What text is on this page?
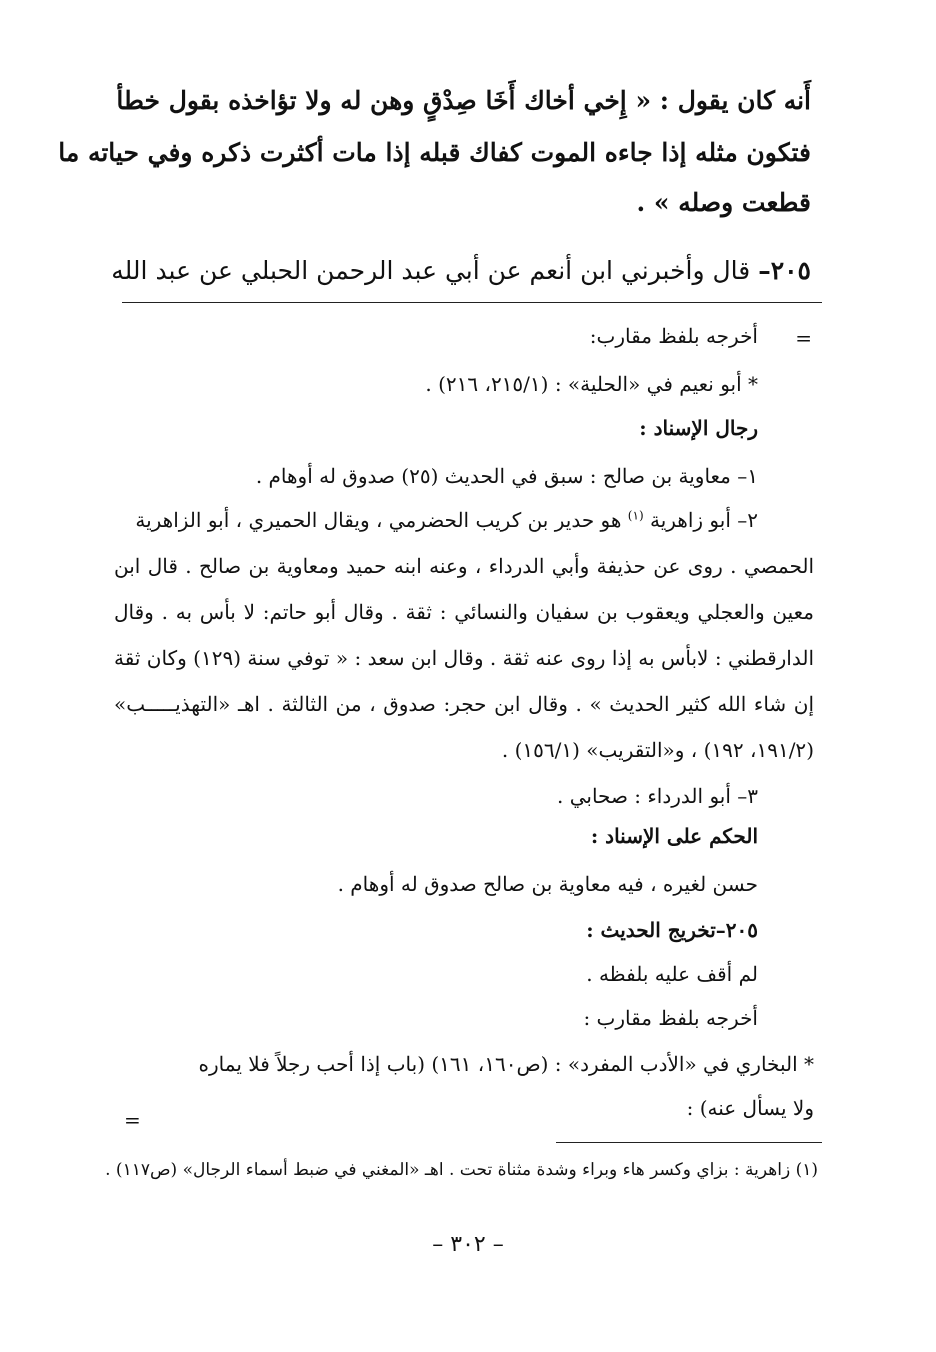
أَنه كان يقول : « إِخي أخاك أَخَا صِدْقٍ وهن له ولا تؤاخذه بقول خطأ
فتكون مثله إذا جاءه الموت كفاك قبله إذا مات أكثرت ذكره وفي حياته ما
قطعت وصله » .
٢٠٥– قال وأخبرني ابن أنعم عن أبي عبد الرحمن الحبلي عن عبد الله
=
أخرجه بلفظ مقارب:
* أبو نعيم في «الحلية» : (٢١٥/١، ٢١٦) .
رجال الإسناد :
١– معاوية بن صالح : سبق في الحديث (٢٥) صدوق له أوهام .
٢– أبو زاهرية $^{(١)}$ هو حدير بن كريب الحضرمي ، ويقال الحميري ، أبو الزاهرية
الحمصي . روى عن حذيفة وأبي الدرداء ، وعنه ابنه حميد ومعاوية بن صالح . قال ابن
معين والعجلي ويعقوب بن سفيان والنسائي : ثقة . وقال أبو حاتم: لا بأس به . وقال
الدارقطني : لابأس به إذا روى عنه ثقة . وقال ابن سعد : « توفي سنة (١٢٩) وكان ثقة
إن شاء الله كثير الحديث » . وقال ابن حجر: صدوق ، من الثالثة . اهـ «التهذيـــــب»
(١٩١/٢، ١٩٢) ، و«التقريب» (١٥٦/١) .
٣– أبو الدرداء : صحابي .
الحكم على الإسناد :
حسن لغيره ، فيه معاوية بن صالح صدوق له أوهام .
٢٠٥–تخريج الحديث :
لم أقف عليه بلفظه .
أخرجه بلفظ مقارب :
* البخاري في «الأدب المفرد» : (ص١٦٠، ١٦١) (باب إذا أحب رجلاً فلا يماره
ولا يسأل عنه) :
=
(١) زاهرية : بزاي وكسر هاء وبراء وشدة مثناة تحت . اهـ «المغني في ضبط أسماء الرجال» (ص١١٧) .
– ٣٠٢ –
